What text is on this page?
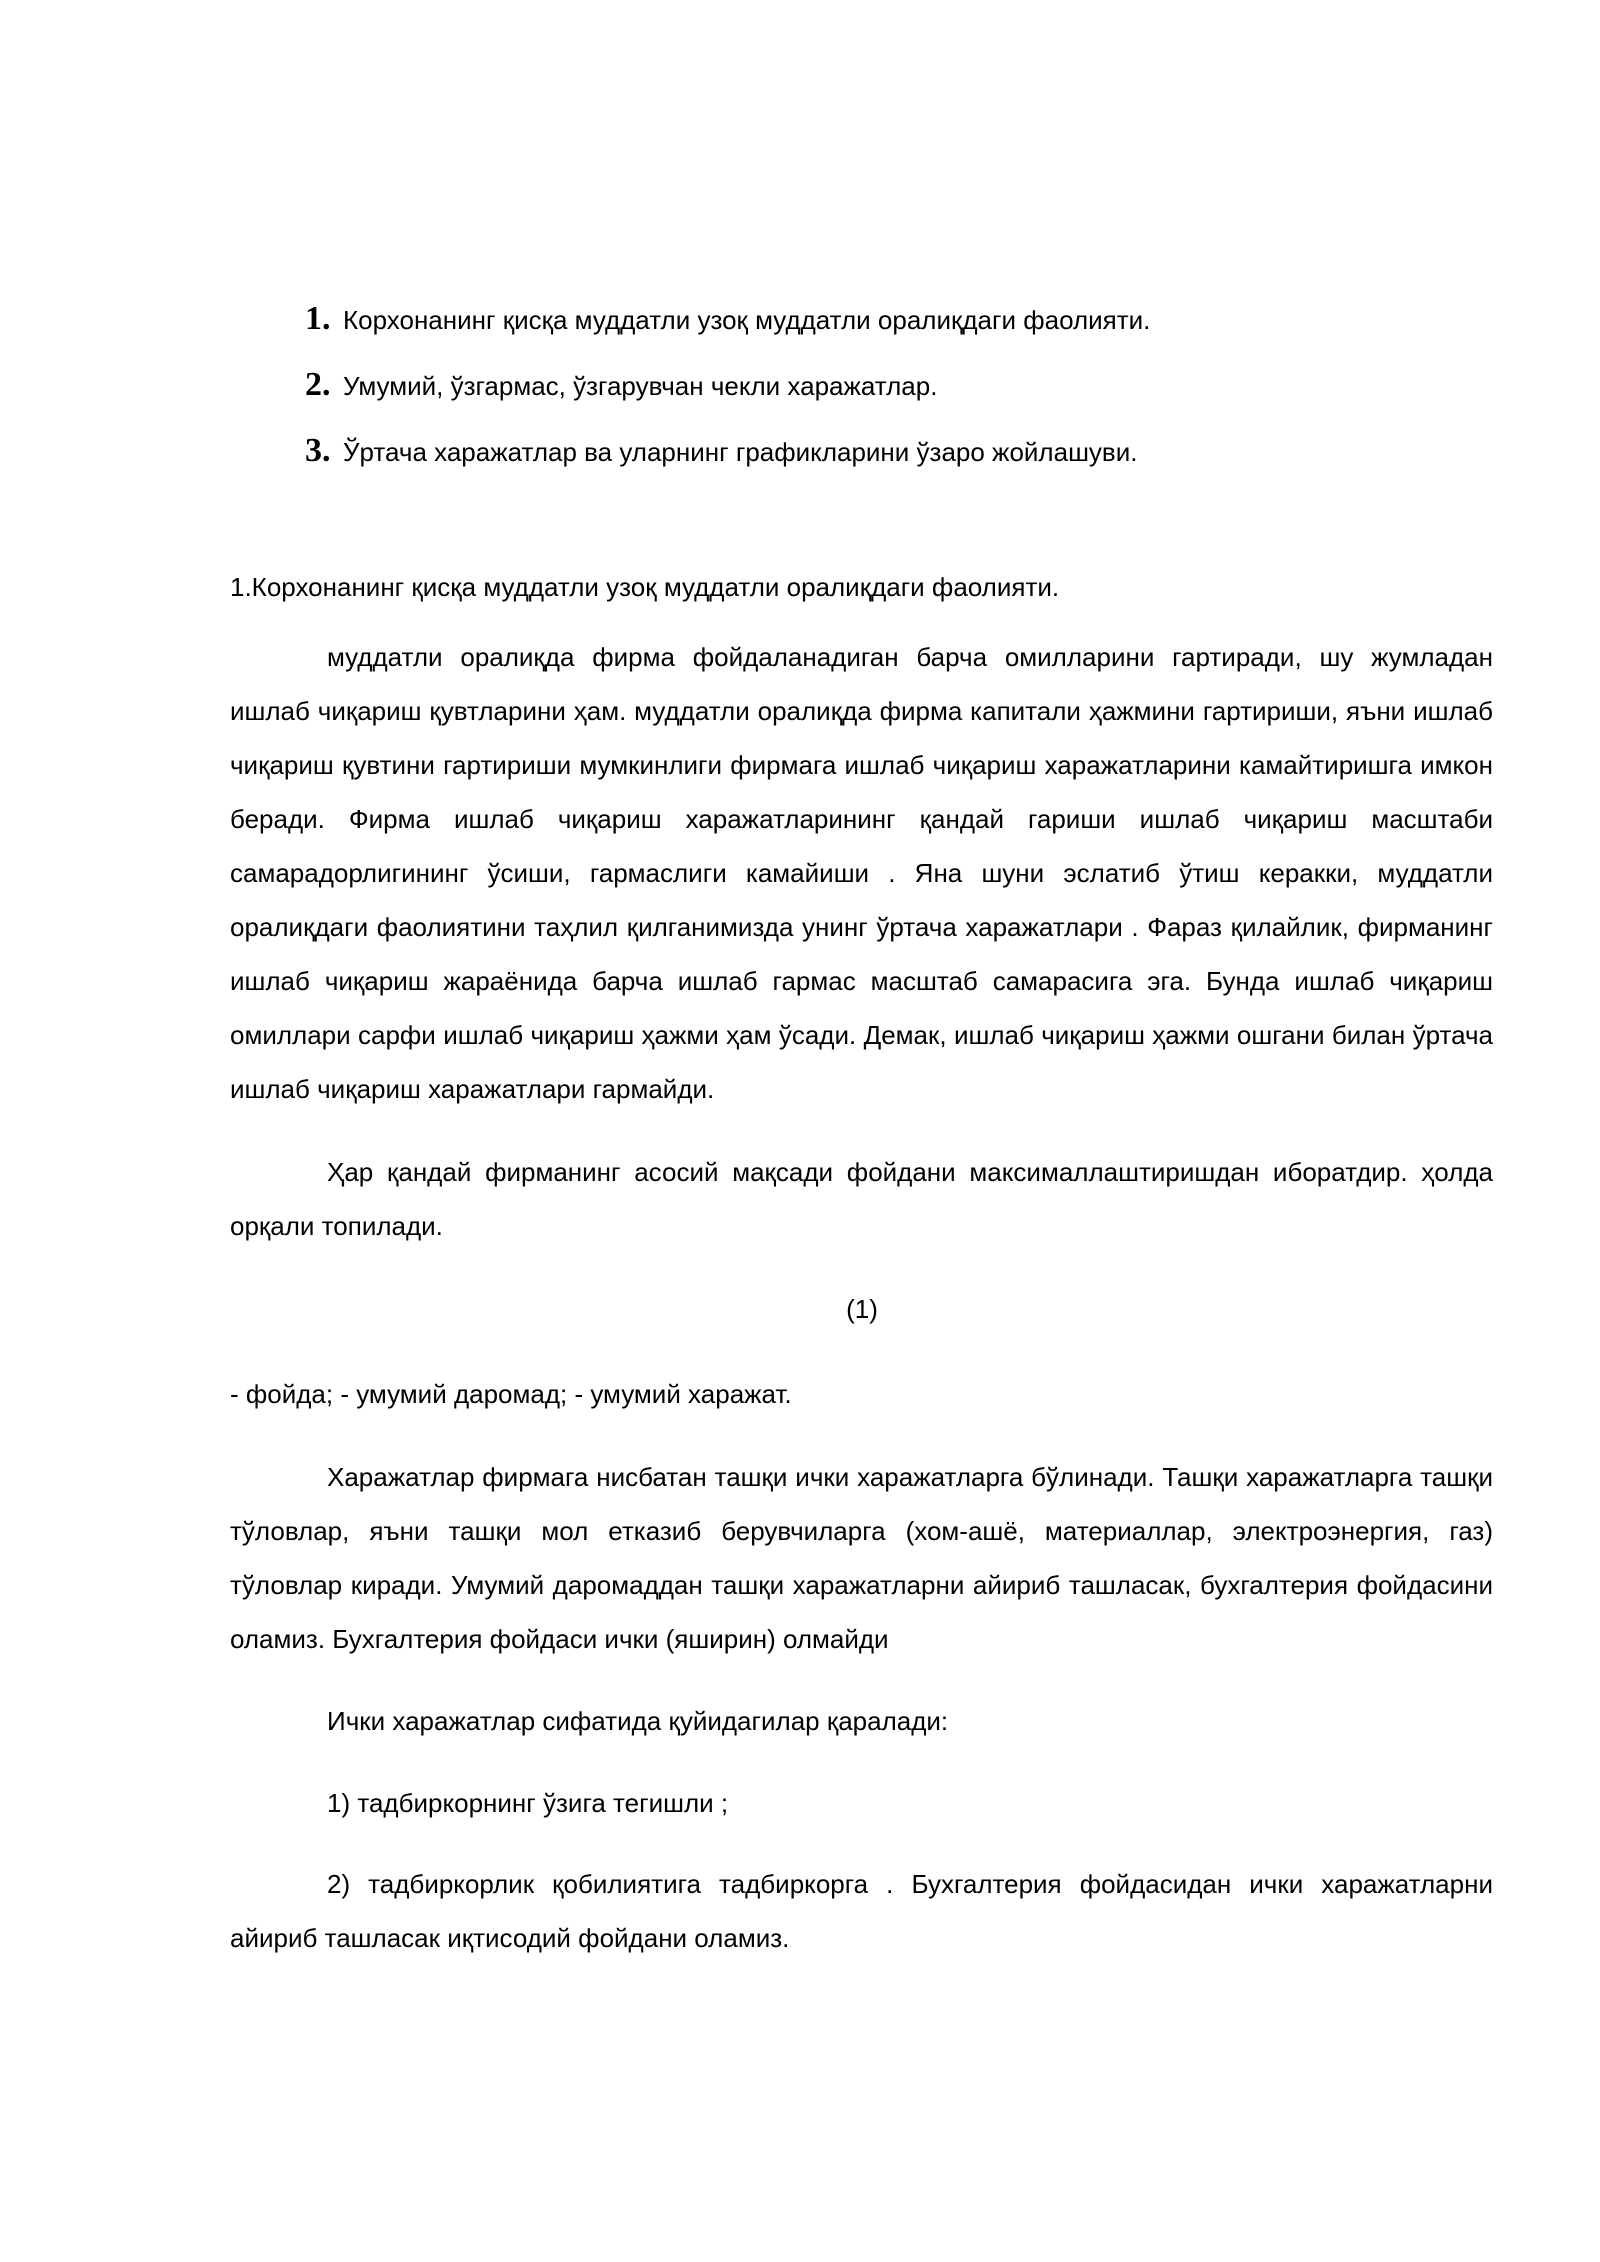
1. Корхонанинг қисқа муддатли узоқ муддатли оралиқдаги фаолияти.
2. Умумий, ўзгармас, ўзгарувчан чекли харажатлар.
3. Ўртача харажатлар ва уларнинг графикларини ўзаро жойлашуви.
1.Корхонанинг қисқа муддатли узоқ муддатли оралиқдаги фаолияти.

муддатли оралиқда фирма фойдаланадиган барча омилларини гартиради, шу жумладан ишлаб чиқариш қувтларини ҳам. муддатли оралиқда фирма капитали ҳажмини гартириши, яъни ишлаб чиқариш қувтини гартириши мумкинлиги фирмага ишлаб чиқариш харажатларини камайтиришга имкон беради. Фирма ишлаб чиқариш харажатларининг қандай гариши ишлаб чиқариш масштаби самарадорлигининг ўсиши, гармаслиги камайиши . Яна шуни эслатиб ўтиш керакки, муддатли оралиқдаги фаолиятини таҳлил қилганимизда унинг ўртача харажатлари . Фараз қилайлик, фирманинг ишлаб чиқариш жараёнида барча ишлаб гармас масштаб самарасига эга. Бунда ишлаб чиқариш омиллари сарфи ишлаб чиқариш ҳажми ҳам ўсади. Демак, ишлаб чиқариш ҳажми ошгани билан ўртача ишлаб чиқариш харажатлари гармайди.

Ҳар қандай фирманинг асосий мақсади фойдани максималлаштиришдан иборатдир. ҳолда орқали топилади.

(1)
- фойда; - умумий даромад; - умумий харажат.

Харажатлар фирмага нисбатан ташқи ички харажатларга бўлинади. Ташқи харажатларга ташқи тўловлар, яъни ташқи мол етказиб берувчиларга (хом-ашё, материаллар, электроэнергия, газ) тўловлар киради. Умумий даромаддан ташқи харажатларни айириб ташласак, бухгалтерия фойдасини оламиз. Бухгалтерия фойдаси ички (яширин) олмайди

Ички харажатлар сифатида қуйидагилар қаралади:

1) тадбиркорнинг ўзига тегишли ;

2) тадбиркорлик қобилиятига тадбиркорга . Бухгалтерия фойдасидан ички харажатларни айириб ташласак иқтисодий фойдани оламиз.
